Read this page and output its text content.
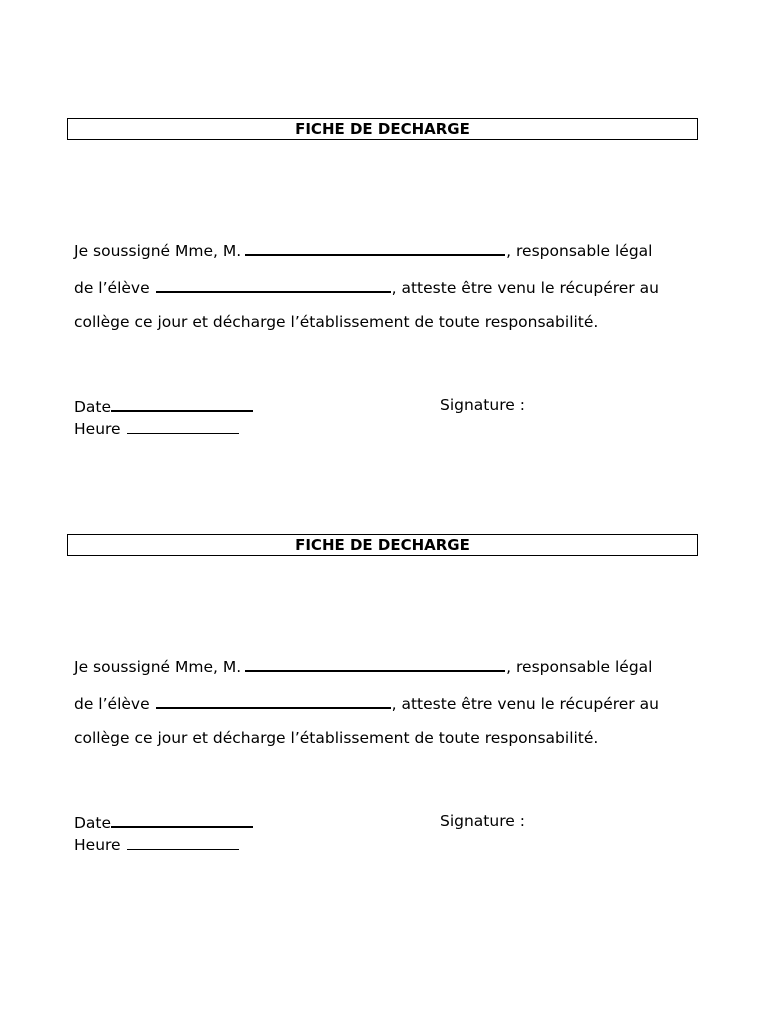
FICHE DE DECHARGE
Je soussigné Mme, M.	, responsable légal
de l’élève	, atteste être venu le récupérer au
collège ce jour et décharge l’établissement de toute responsabilité.
Date
Heure
Signature :
FICHE DE DECHARGE
Je soussigné Mme, M.	, responsable légal
de l’élève	, atteste être venu le récupérer au
collège ce jour et décharge l’établissement de toute responsabilité.
Date
Heure
Signature :
